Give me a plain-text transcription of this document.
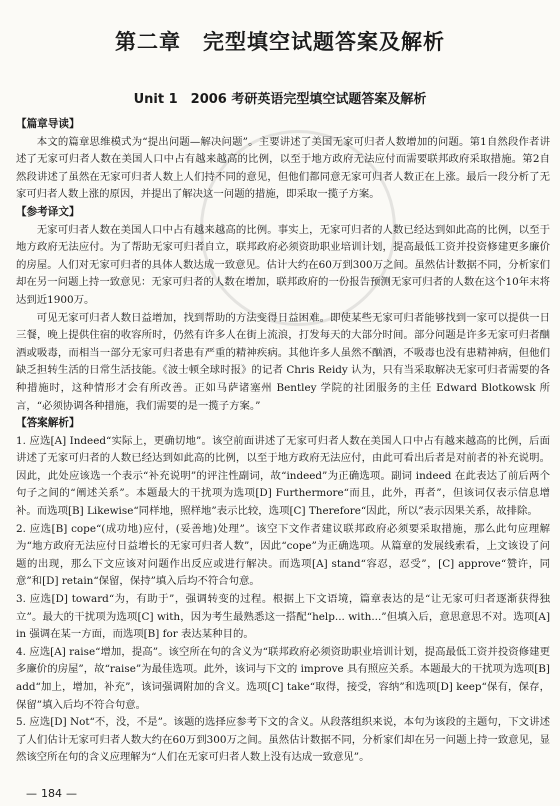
第二章　完型填空试题答案及解析
Unit 1　2006 考研英语完型填空试题答案及解析
【篇章导读】

本文的篇章思维模式为“提出问题—解决问题”。主要讲述了美国无家可归者人数增加的问题。第1自然段作者讲述了无家可归者人数在美国人口中占有越来越高的比例，以至于地方政府无法应付而需要联邦政府采取措施。第2自然段讲述了虽然在无家可归者人数上人们持不同的意见，但他们都同意无家可归者人数正在上涨。最后一段分析了无家可归者人数上涨的原因，并提出了解决这一问题的措施，即采取一揽子方案。

【参考译文】

无家可归者人数在美国人口中占有越来越高的比例。事实上，无家可归者的人数已经达到如此高的比例，以至于地方政府无法应付。为了帮助无家可归者自立，联邦政府必须资助职业培训计划，提高最低工资并投资修建更多廉价的房屋。人们对无家可归者的具体人数达成一致意见。估计大约在60万到300万之间。虽然估计数据不同，分析家们却在另一问题上持一致意见：无家可归者的人数在增加，联邦政府的一份报告预测无家可归者的人数在这个10年末将达到近1900万。

可见无家可归者人数日益增加，找到帮助的方法变得日益困难。即使某些无家可归者能够找到一家可以提供一日三餐，晚上提供住宿的收容所时，仍然有许多人在街上流浪，打发每天的大部分时间。部分问题是许多无家可归者酗酒或吸毒，而相当一部分无家可归者患有严重的精神疾病。其他许多人虽然不酗酒，不吸毒也没有患精神病，但他们缺乏担转生活的日常生活技能。《波士顿全球时报》的记者 Chris Reidy 认为，只有当采取解决无家可归者需要的各种措施时，这种情形才会有所改善。正如马萨诸塞州 Bentley 学院的社团服务的主任 Edward Blotkowsk 所言，“必须协调各种措施，我们需要的是一揽子方案。”

【答案解析】

1. 应选[A] Indeed“实际上，更确切地”。该空前面讲述了无家可归者人数在美国人口中占有越来越高的比例，后面讲述了无家可归者的人数已经达到如此高的比例，以至于地方政府无法应付，由此可看出后者是对前者的补充说明。因此，此处应该选一个表示“补充说明”的评注性副词，故“indeed”为正确选项。副词 indeed 在此表达了前后两个句子之间的“阐述关系”。本题最大的干扰项为选项[D] Furthermore“而且，此外，再者”，但该词仅表示信息增补。而选项[B] Likewise“同样地，照样地”表示比较，选项[C] Therefore“因此，所以”表示因果关系，故排除。

2. 应选[B] cope“(成功地)应付，(妥善地)处理”。该空下文作者建议联邦政府必须要采取措施，那么此句应理解为“地方政府无法应付日益增长的无家可归者人数”，因此“cope”为正确选项。从篇章的发展线索看，上文该设了问题的出现，那么下文应该对问题作出反应或进行解决。而选项[A] stand“容忍，忍受”，[C] approve“赞许，同意”和[D] retain“保留，保持”填入后均不符合句意。

3. 应选[D] toward“为，有助于”，强调转变的过程。根据上下文语境，篇章表达的是“让无家可归者逐渐获得独立”。最大的干扰项为选项[C] with，因为考生最熟悉这一搭配“help... with...”但填入后，意思意思不对。选项[A] in 强调在某一方面，而选项[B] for 表达某种目的。

4. 应选[A] raise“增加，提高”。该空所在句的含义为“联邦政府必须资助职业培训计划，提高最低工资并投资修建更多廉价的房屋”，故“raise”为最佳选项。此外，该词与下文的 improve 具有照应关系。本题最大的干扰项为选项[B] add“加上，增加，补充”，该词强调附加的含义。选项[C] take“取得，接受，容纳”和选项[D] keep“保有，保存，保留”填入后均不符合句意。

5. 应选[D] Not“不，没，不是”。该题的选择应参考下文的含义。从段落组织来说，本句为该段的主题句，下文讲述了人们估计无家可归者人数大约在60万到300万之间。虽然估计数据不同，分析家们却在另一问题上持一致意见，显然该空所在句的含义应理解为“人们在无家可归者人数上没有达成一致意见”。

— 184 —
